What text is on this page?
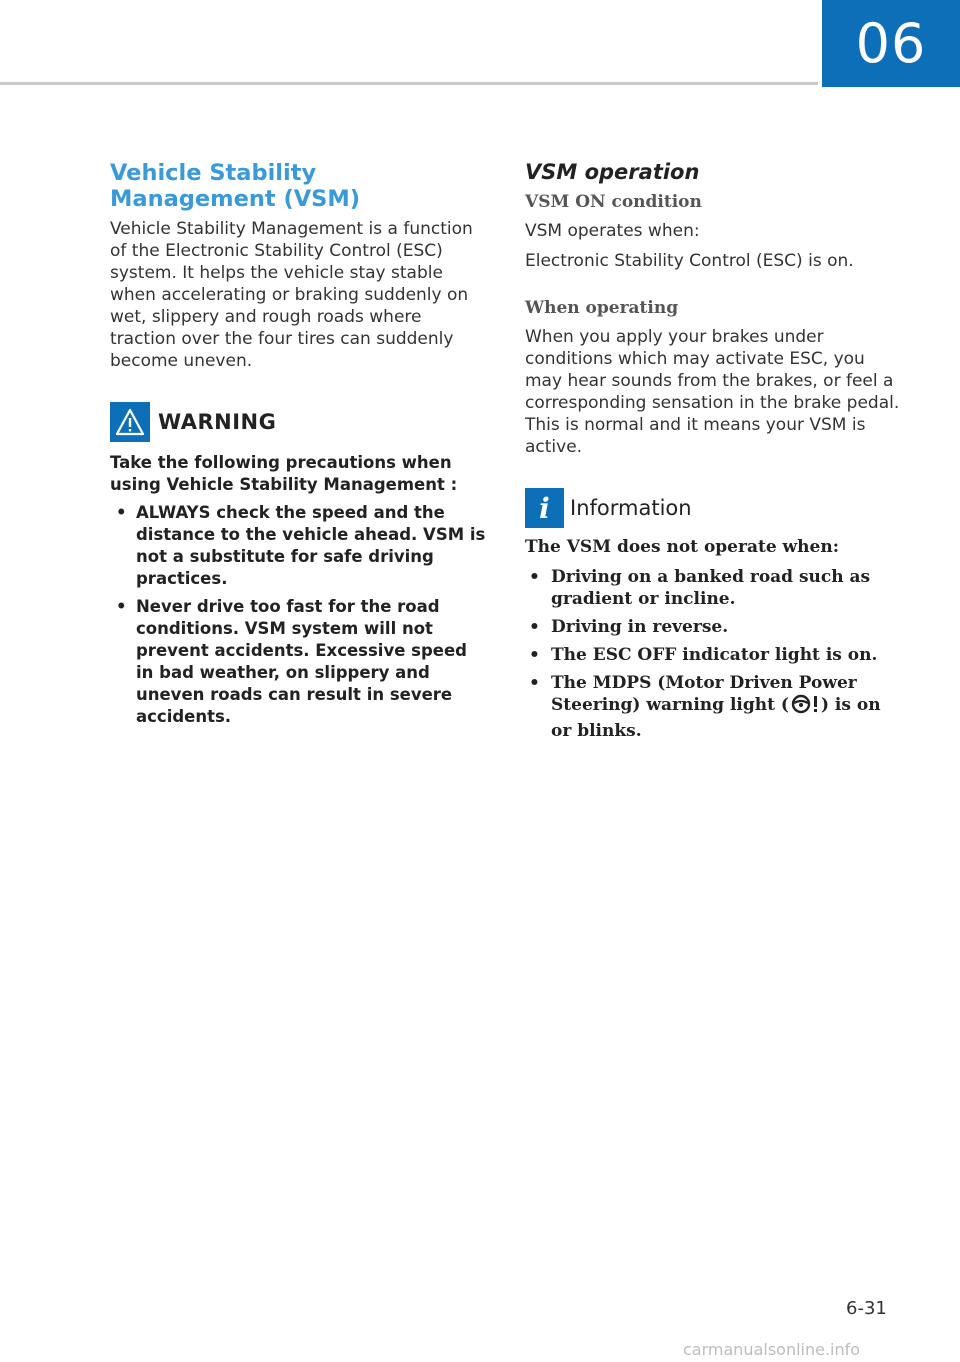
06
Vehicle Stability Management (VSM)

Vehicle Stability Management is a function of the Electronic Stability Control (ESC) system. It helps the vehicle stay stable when accelerating or braking suddenly on wet, slippery and rough roads where traction over the four tires can suddenly become uneven.

WARNING

Take the following precautions when using Vehicle Stability Management :

• ALWAYS check the speed and the distance to the vehicle ahead. VSM is not a substitute for safe driving practices.
• Never drive too fast for the road conditions. VSM system will not prevent accidents. Excessive speed in bad weather, on slippery and uneven roads can result in severe accidents.
VSM operation
VSM ON condition

VSM operates when:

Electronic Stability Control (ESC) is on.

When operating

When you apply your brakes under conditions which may activate ESC, you may hear sounds from the brakes, or feel a corresponding sensation in the brake pedal. This is normal and it means your VSM is active.

i Information

The VSM does not operate when:

• Driving on a banked road such as gradient or incline.
• Driving in reverse.
• The ESC OFF indicator light is on.
• The MDPS (Motor Driven Power Steering) warning light ( ) is on or blinks.
6-31
carmanualsonline.info
